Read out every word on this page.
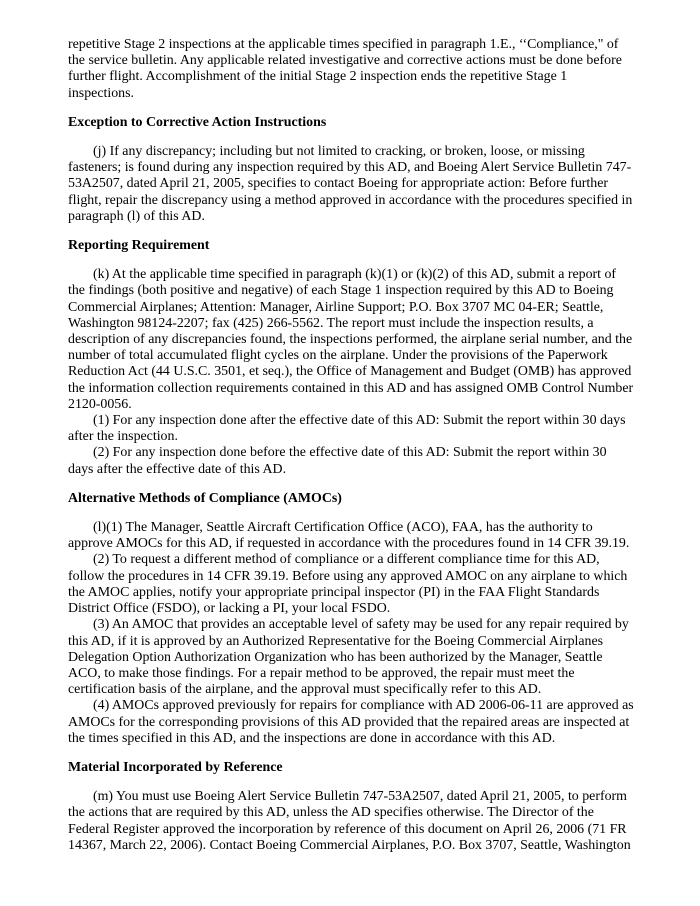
repetitive Stage 2 inspections at the applicable times specified in paragraph 1.E., ‘‘Compliance," of the service bulletin. Any applicable related investigative and corrective actions must be done before further flight. Accomplishment of the initial Stage 2 inspection ends the repetitive Stage 1 inspections.

Exception to Corrective Action Instructions

(j) If any discrepancy; including but not limited to cracking, or broken, loose, or missing fasteners; is found during any inspection required by this AD, and Boeing Alert Service Bulletin 747-53A2507, dated April 21, 2005, specifies to contact Boeing for appropriate action: Before further flight, repair the discrepancy using a method approved in accordance with the procedures specified in paragraph (l) of this AD.

Reporting Requirement

(k) At the applicable time specified in paragraph (k)(1) or (k)(2) of this AD, submit a report of the findings (both positive and negative) of each Stage 1 inspection required by this AD to Boeing Commercial Airplanes; Attention: Manager, Airline Support; P.O. Box 3707 MC 04-ER; Seattle, Washington 98124-2207; fax (425) 266-5562. The report must include the inspection results, a description of any discrepancies found, the inspections performed, the airplane serial number, and the number of total accumulated flight cycles on the airplane. Under the provisions of the Paperwork Reduction Act (44 U.S.C. 3501, et seq.), the Office of Management and Budget (OMB) has approved the information collection requirements contained in this AD and has assigned OMB Control Number 2120-0056.

(1) For any inspection done after the effective date of this AD: Submit the report within 30 days after the inspection.

(2) For any inspection done before the effective date of this AD: Submit the report within 30 days after the effective date of this AD.

Alternative Methods of Compliance (AMOCs)

(l)(1) The Manager, Seattle Aircraft Certification Office (ACO), FAA, has the authority to approve AMOCs for this AD, if requested in accordance with the procedures found in 14 CFR 39.19.

(2) To request a different method of compliance or a different compliance time for this AD, follow the procedures in 14 CFR 39.19. Before using any approved AMOC on any airplane to which the AMOC applies, notify your appropriate principal inspector (PI) in the FAA Flight Standards District Office (FSDO), or lacking a PI, your local FSDO.

(3) An AMOC that provides an acceptable level of safety may be used for any repair required by this AD, if it is approved by an Authorized Representative for the Boeing Commercial Airplanes Delegation Option Authorization Organization who has been authorized by the Manager, Seattle ACO, to make those findings. For a repair method to be approved, the repair must meet the certification basis of the airplane, and the approval must specifically refer to this AD.

(4) AMOCs approved previously for repairs for compliance with AD 2006-06-11 are approved as AMOCs for the corresponding provisions of this AD provided that the repaired areas are inspected at the times specified in this AD, and the inspections are done in accordance with this AD.

Material Incorporated by Reference

(m) You must use Boeing Alert Service Bulletin 747-53A2507, dated April 21, 2005, to perform the actions that are required by this AD, unless the AD specifies otherwise. The Director of the Federal Register approved the incorporation by reference of this document on April 26, 2006 (71 FR 14367, March 22, 2006). Contact Boeing Commercial Airplanes, P.O. Box 3707, Seattle, Washington
